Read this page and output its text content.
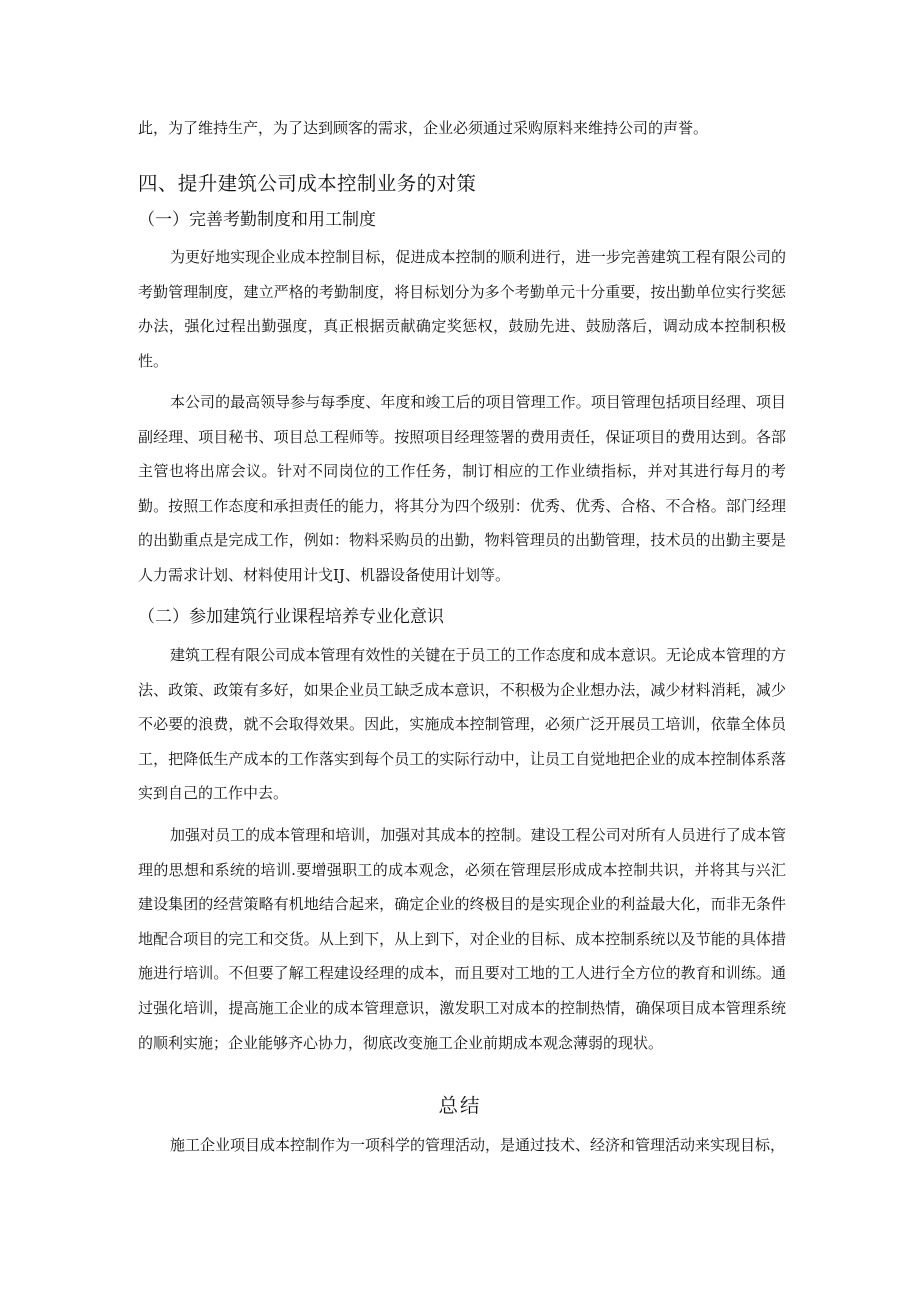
此，为了维持生产，为了达到顾客的需求，企业必须通过采购原料来维持公司的声誉。

四、提升建筑公司成本控制业务的对策
（一）完善考勤制度和用工制度

为更好地实现企业成本控制目标，促进成本控制的顺利进行，进一步完善建筑工程有限公司的考勤管理制度，建立严格的考勤制度，将目标划分为多个考勤单元十分重要，按出勤单位实行奖惩办法，强化过程出勤强度，真正根据贡献确定奖惩权，鼓励先进、鼓励落后，调动成本控制积极性。

本公司的最高领导参与每季度、年度和竣工后的项目管理工作。项目管理包括项目经理、项目副经理、项目秘书、项目总工程师等。按照项目经理签署的费用责任，保证项目的费用达到。各部主管也将出席会议。针对不同岗位的工作任务，制订相应的工作业绩指标，并对其进行每月的考勤。按照工作态度和承担责任的能力，将其分为四个级别：优秀、优秀、合格、不合格。部门经理的出勤重点是完成工作，例如：物料采购员的出勤，物料管理员的出勤管理，技术员的出勤主要是人力需求计划、材料使用计戈IJ、机器设备使用计划等。

（二）参加建筑行业课程培养专业化意识

建筑工程有限公司成本管理有效性的关键在于员工的工作态度和成本意识。无论成本管理的方法、政策、政策有多好，如果企业员工缺乏成本意识，不积极为企业想办法，减少材料消耗，减少不必要的浪费，就不会取得效果。因此，实施成本控制管理，必须广泛开展员工培训，依靠全体员工，把降低生产成本的工作落实到每个员工的实际行动中，让员工自觉地把企业的成本控制体系落实到自己的工作中去。

加强对员工的成本管理和培训，加强对其成本的控制。建设工程公司对所有人员进行了成本管理的思想和系统的培训.要增强职工的成本观念，必须在管理层形成成本控制共识，并将其与兴汇建设集团的经营策略有机地结合起来，确定企业的终极目的是实现企业的利益最大化，而非无条件地配合项目的完工和交货。从上到下，从上到下，对企业的目标、成本控制系统以及节能的具体措施进行培训。不但要了解工程建设经理的成本，而且要对工地的工人进行全方位的教育和训练。通过强化培训，提高施工企业的成本管理意识，激发职工对成本的控制热情，确保项目成本管理系统的顺利实施；企业能够齐心协力，彻底改变施工企业前期成本观念薄弱的现状。

总结

施工企业项目成本控制作为一项科学的管理活动，是通过技术、经济和管理活动来实现目标，
